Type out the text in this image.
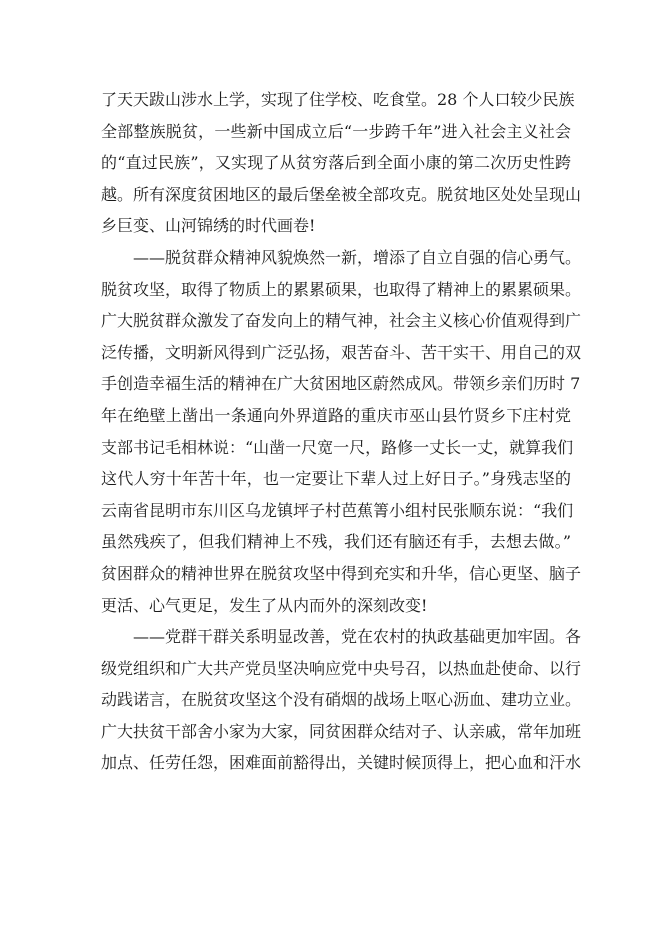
了天天跋山涉水上学，实现了住学校、吃食堂。28 个人口较少民族
全部整族脱贫，一些新中国成立后“一步跨千年”进入社会主义社会
的“直过民族”，又实现了从贫穷落后到全面小康的第二次历史性跨
越。所有深度贫困地区的最后堡垒被全部攻克。脱贫地区处处呈现山
乡巨变、山河锦绣的时代画卷!
　　——脱贫群众精神风貌焕然一新，增添了自立自强的信心勇气。
脱贫攻坚，取得了物质上的累累硕果，也取得了精神上的累累硕果。
广大脱贫群众激发了奋发向上的精气神，社会主义核心价值观得到广
泛传播，文明新风得到广泛弘扬，艰苦奋斗、苦干实干、用自己的双
手创造幸福生活的精神在广大贫困地区蔚然成风。带领乡亲们历时 7
年在绝壁上凿出一条通向外界道路的重庆市巫山县竹贤乡下庄村党
支部书记毛相林说：“山凿一尺宽一尺，路修一丈长一丈，就算我们
这代人穷十年苦十年，也一定要让下辈人过上好日子。”身残志坚的
云南省昆明市东川区乌龙镇坪子村芭蕉箐小组村民张顺东说：“我们
虽然残疾了，但我们精神上不残，我们还有脑还有手，去想去做。”
贫困群众的精神世界在脱贫攻坚中得到充实和升华，信心更坚、脑子
更活、心气更足，发生了从内而外的深刻改变!
　　——党群干群关系明显改善，党在农村的执政基础更加牢固。各
级党组织和广大共产党员坚决响应党中央号召，以热血赴使命、以行
动践诺言，在脱贫攻坚这个没有硝烟的战场上呕心沥血、建功立业。
广大扶贫干部舍小家为大家，同贫困群众结对子、认亲戚，常年加班
加点、任劳任怨，困难面前豁得出，关键时候顶得上，把心血和汗水
